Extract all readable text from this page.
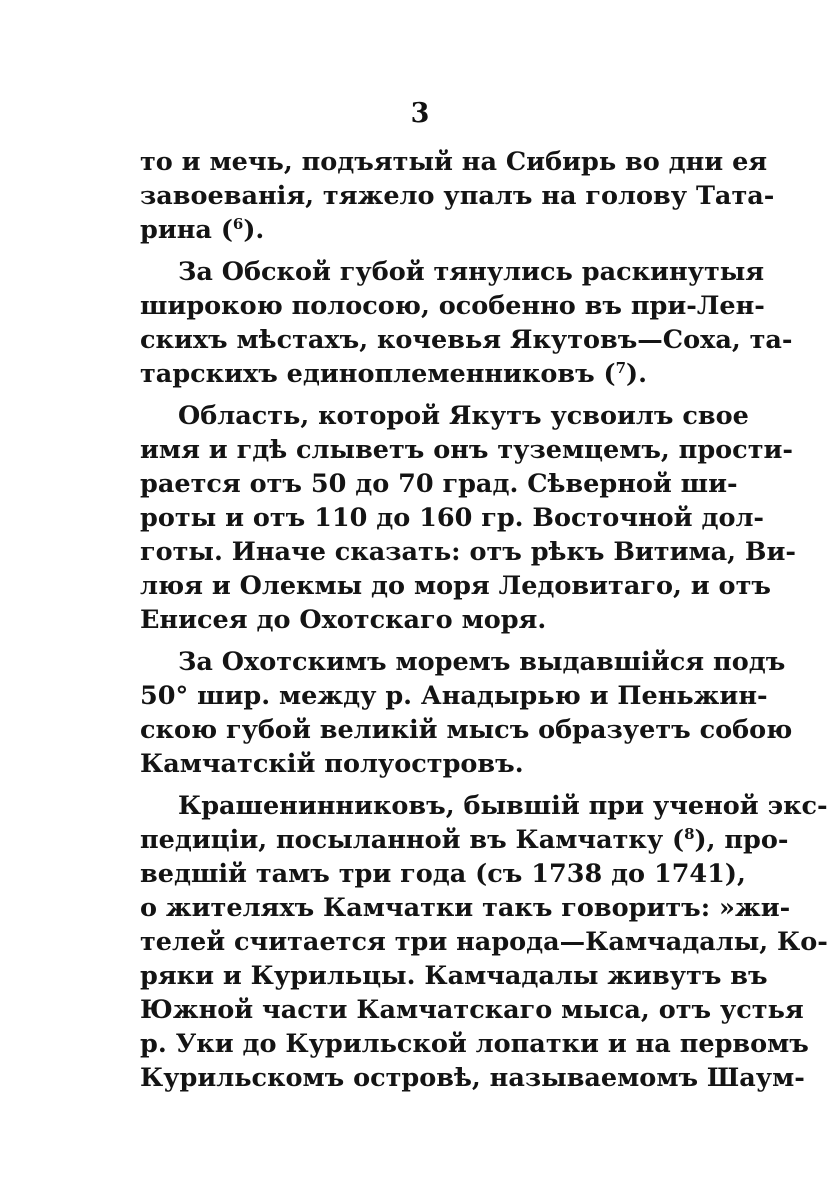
3
то и мечь, подъятый на Сибирь во дни ея
завоеванія, тяжело упалъ на голову Тата-
рина ($^6$).
За Обской губой тянулись раскинутыя
широкою полосою, особенно въ при-Лен-
скихъ мѣстахъ, кочевья Якутовъ—Соха, та-
тарскихъ единоплеменниковъ ($^7$).
Область, которой Якутъ усвоилъ свое
имя и гдѣ слыветъ онъ туземцемъ, прости-
рается отъ 50 до 70 град. Сѣверной ши-
роты и отъ 110 до 160 гр. Восточной дол-
готы. Иначе сказать: отъ рѣкъ Витима, Ви-
люя и Олекмы до моря Ледовитаго, и отъ
Енисея до Охотскаго моря.
За Охотскимъ моремъ выдавшійся подъ
50° шир. между р. Анадырью и Пеньжин-
скою губой великій мысъ образуетъ собою
Камчатскій полуостровъ.
Крашенинниковъ, бывшій при ученой экс-
педиціи, посыланной въ Камчатку ($^8$), про-
ведшій тамъ три года (съ 1738 до 1741),
о жителяхъ Камчатки такъ говоритъ: »жи-
телей считается три народа—Камчадалы, Ко-
ряки и Курильцы. Камчадалы живутъ въ
Южной части Камчатскаго мыса, отъ устья
р. Уки до Курильской лопатки и на первомъ
Курильскомъ островѣ, называемомъ Шаум-
